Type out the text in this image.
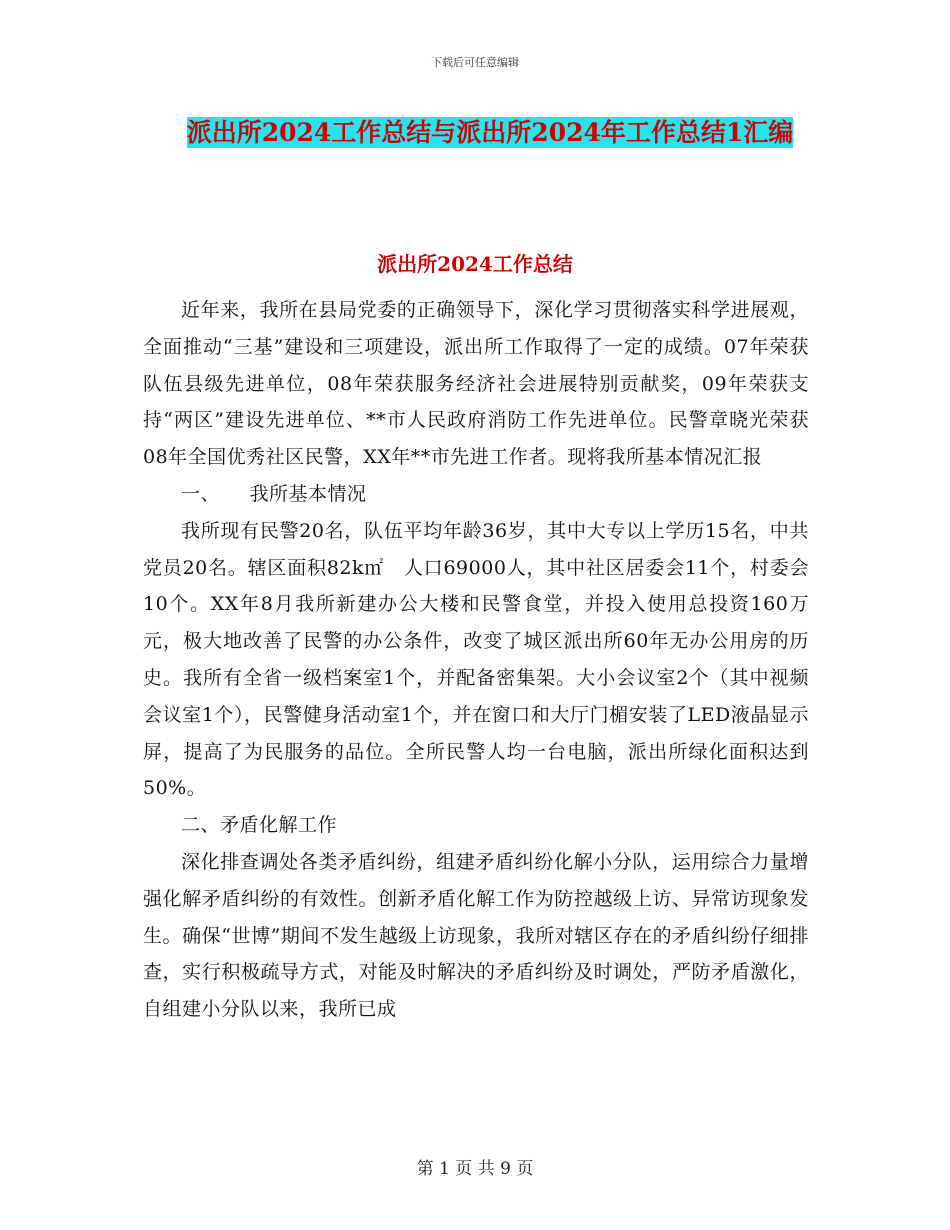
下载后可任意编辑
派出所2024工作总结与派出所2024年工作总结1汇编
派出所2024工作总结

近年来，我所在县局党委的正确领导下，深化学习贯彻落实科学进展观，全面推动“三基”建设和三项建设，派出所工作取得了一定的成绩。07年荣获队伍县级先进单位，08年荣获服务经济社会进展特别贡献奖，09年荣获支持“两区”建设先进单位、**市人民政府消防工作先进单位。民警章晓光荣获08年全国优秀社区民警，XX年**市先进工作者。现将我所基本情况汇报

一、　　我所基本情况

我所现有民警20名，队伍平均年龄36岁，其中大专以上学历15名，中共党员20名。辖区面积82k㎡　人口69000人，其中社区居委会11个，村委会10个。XX年8月我所新建办公大楼和民警食堂，并投入使用总投资160万元，极大地改善了民警的办公条件，改变了城区派出所60年无办公用房的历史。我所有全省一级档案室1个，并配备密集架。大小会议室2个（其中视频会议室1个），民警健身活动室1个，并在窗口和大厅门楣安装了LED液晶显示屏，提高了为民服务的品位。全所民警人均一台电脑，派出所绿化面积达到50%。

二、矛盾化解工作

深化排查调处各类矛盾纠纷，组建矛盾纠纷化解小分队，运用综合力量增强化解矛盾纠纷的有效性。创新矛盾化解工作为防控越级上访、异常访现象发生。确保“世博”期间不发生越级上访现象，我所对辖区存在的矛盾纠纷仔细排查，实行积极疏导方式，对能及时解决的矛盾纠纷及时调处，严防矛盾激化，自组建小分队以来，我所已成

第 1 页 共 9 页
